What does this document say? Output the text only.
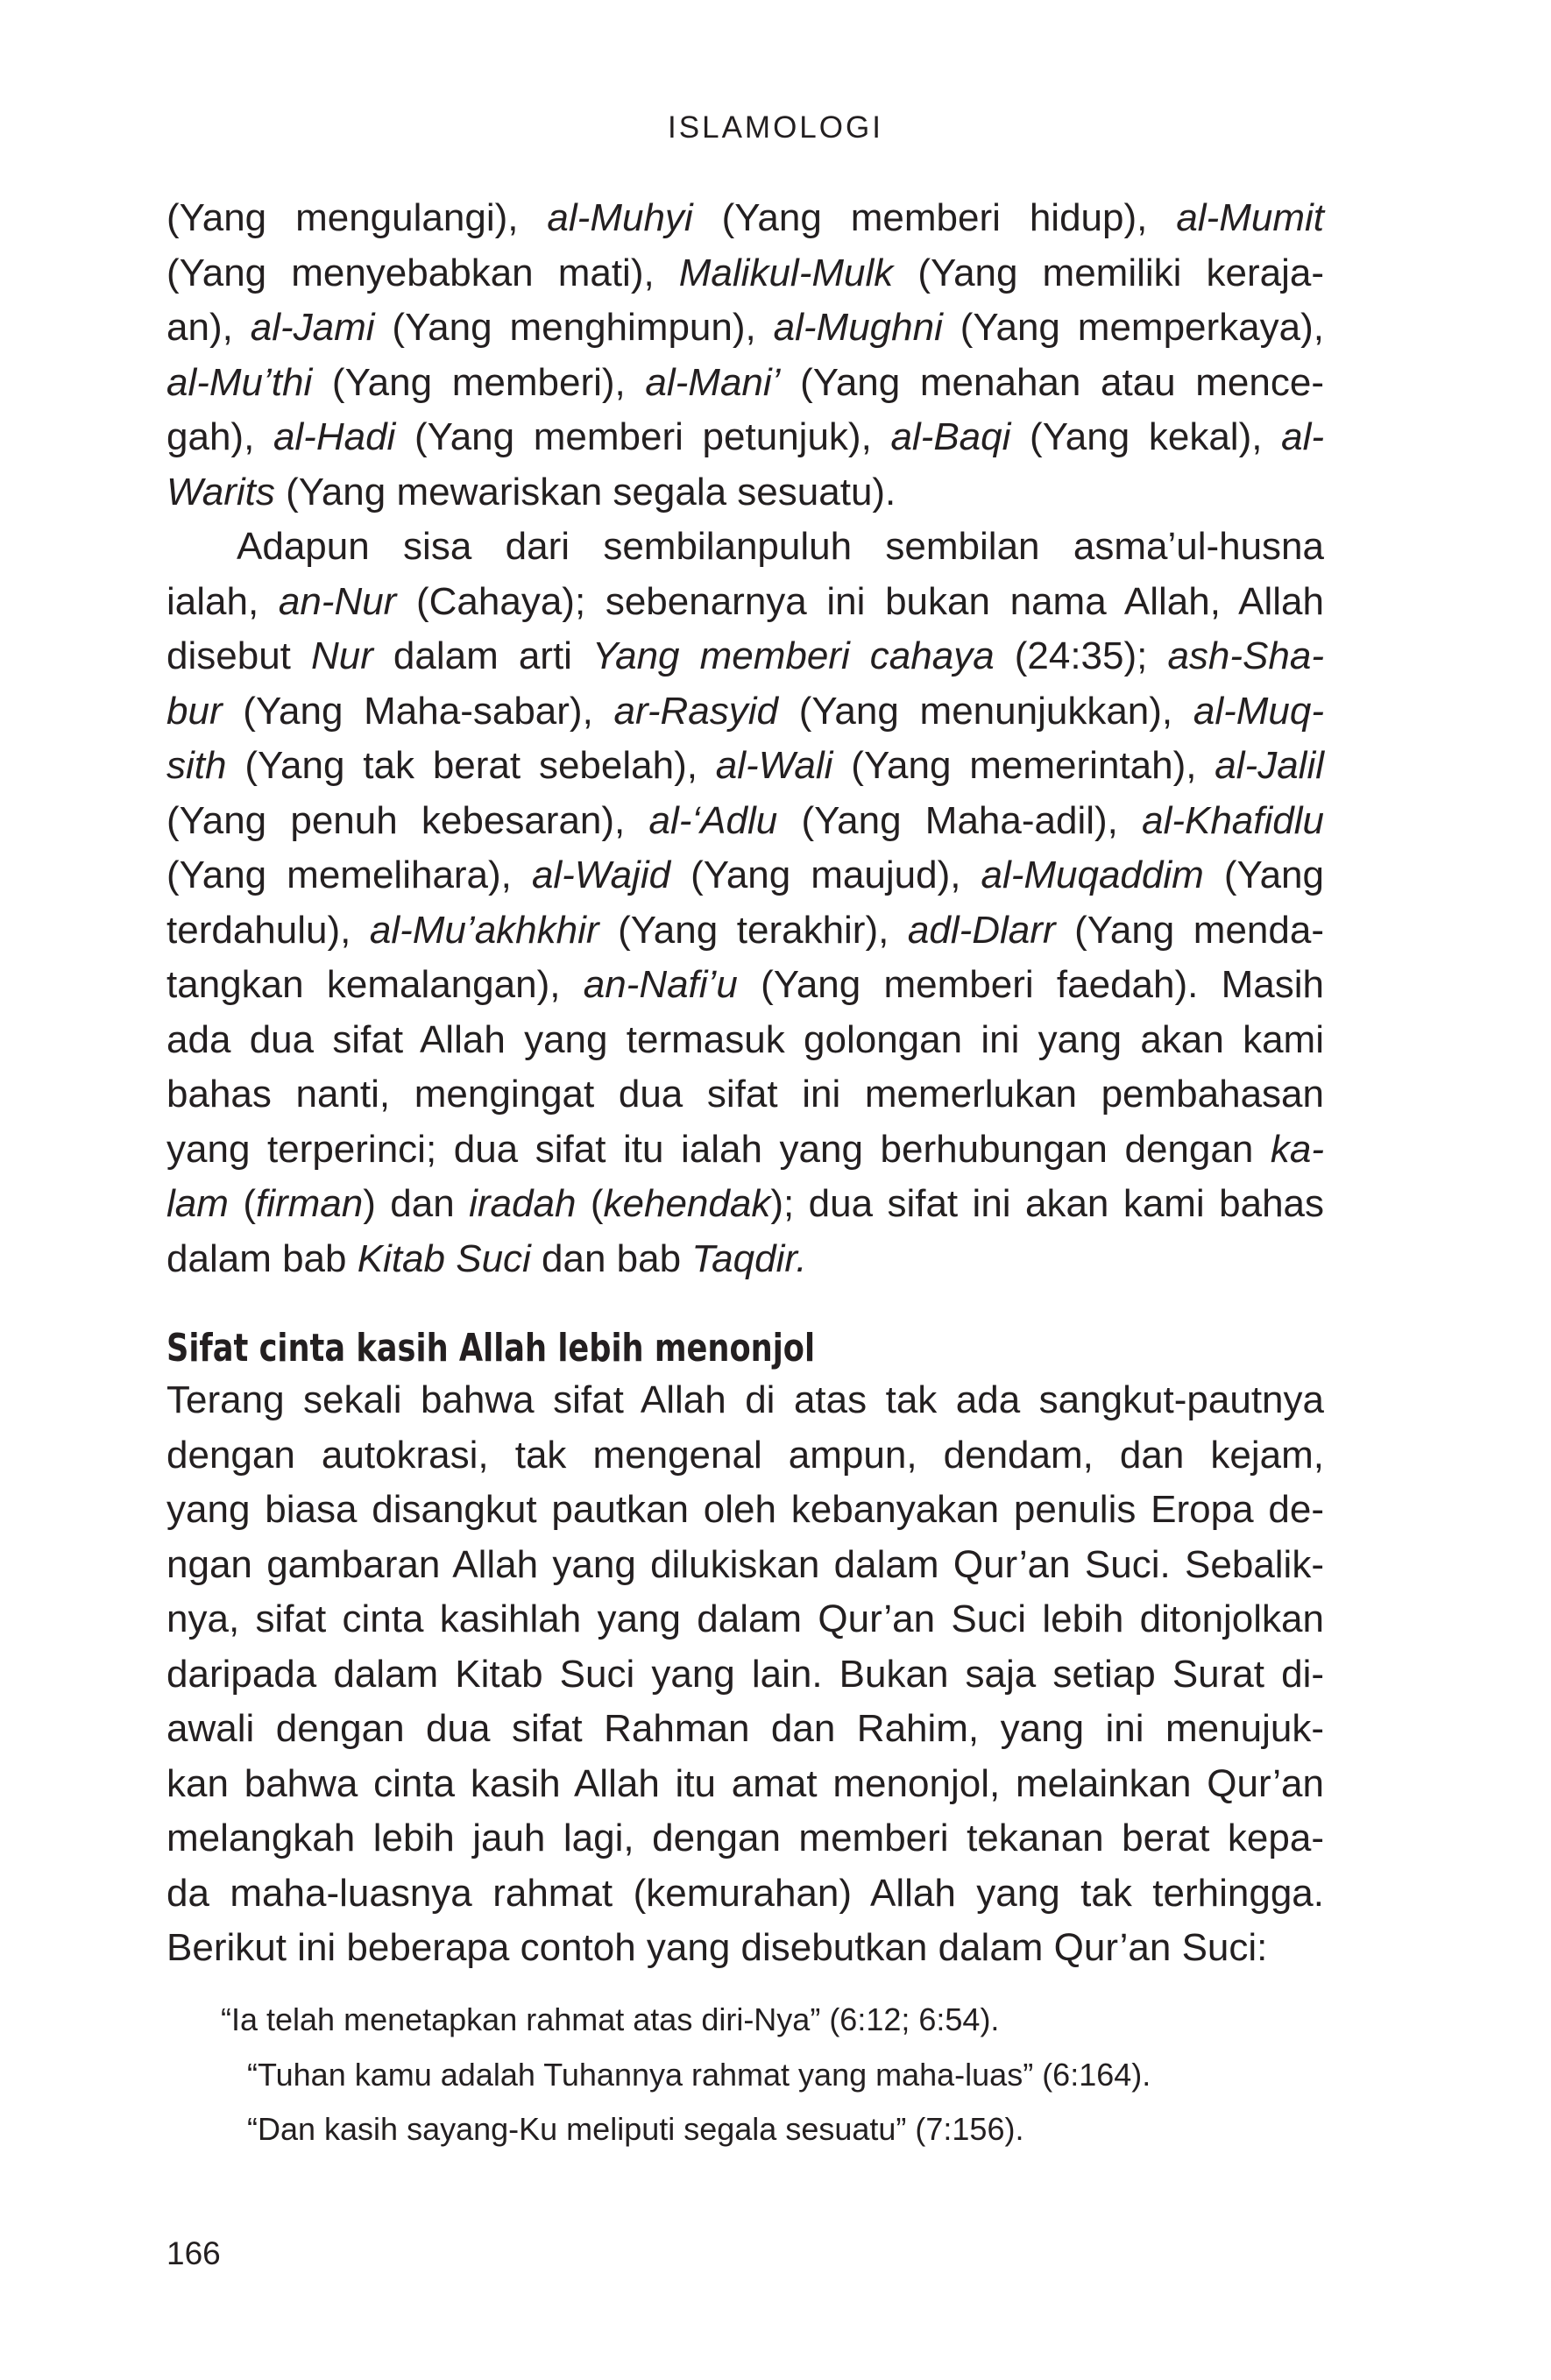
ISLAMOLOGI
(Yang mengulangi), al-Muhyi (Yang memberi hidup), al-Mumit
(Yang menyebabkan mati), Malikul-Mulk (Yang memiliki keraja-
an), al-Jami (Yang menghimpun), al-Mughni (Yang memperkaya),
al-Mu’thi (Yang memberi), al-Mani’ (Yang menahan atau mence-
gah), al-Hadi (Yang memberi petunjuk), al-Baqi (Yang kekal), al-
Warits (Yang mewariskan segala sesuatu).
Adapun sisa dari sembilanpuluh sembilan asma’ul-husna
ialah, an-Nur (Cahaya); sebenarnya ini bukan nama Allah, Allah
disebut Nur dalam arti Yang memberi cahaya (24:35); ash-Sha-
bur (Yang Maha-sabar), ar-Rasyid (Yang menunjukkan), al-Muq-
sith (Yang tak berat sebelah), al-Wali (Yang memerintah), al-Jalil
(Yang penuh kebesaran), al-‘Adlu (Yang Maha-adil), al-Khafidlu
(Yang memelihara), al-Wajid (Yang maujud), al-Muqaddim (Yang
terdahulu), al-Mu’akhkhir (Yang terakhir), adl-Dlarr (Yang menda-
tangkan kemalangan), an-Nafi’u (Yang memberi faedah). Masih
ada dua sifat Allah yang termasuk golongan ini yang akan kami
bahas nanti, mengingat dua sifat ini memerlukan pembahasan
yang terperinci; dua sifat itu ialah yang berhubungan dengan ka-
lam (firman) dan iradah (kehendak); dua sifat ini akan kami bahas
dalam bab Kitab Suci dan bab Taqdir.
Sifat cinta kasih Allah lebih menonjol
Terang sekali bahwa sifat Allah di atas tak ada sangkut-pautnya
dengan autokrasi, tak mengenal ampun, dendam, dan kejam,
yang biasa disangkut pautkan oleh kebanyakan penulis Eropa de-
ngan gambaran Allah yang dilukiskan dalam Qur’an Suci. Sebalik-
nya, sifat cinta kasihlah yang dalam Qur’an Suci lebih ditonjolkan
daripada dalam Kitab Suci yang lain. Bukan saja setiap Surat di-
awali dengan dua sifat Rahman dan Rahim, yang ini menujuk-
kan bahwa cinta kasih Allah itu amat menonjol, melainkan Qur’an
melangkah lebih jauh lagi, dengan memberi tekanan berat kepa-
da maha-luasnya rahmat (kemurahan) Allah yang tak terhingga.
Berikut ini beberapa contoh yang disebutkan dalam Qur’an Suci:

“Ia telah menetapkan rahmat atas diri-Nya” (6:12; 6:54).

“Tuhan kamu adalah Tuhannya rahmat yang maha-luas” (6:164).

“Dan kasih sayang-Ku meliputi segala sesuatu” (7:156).

166
